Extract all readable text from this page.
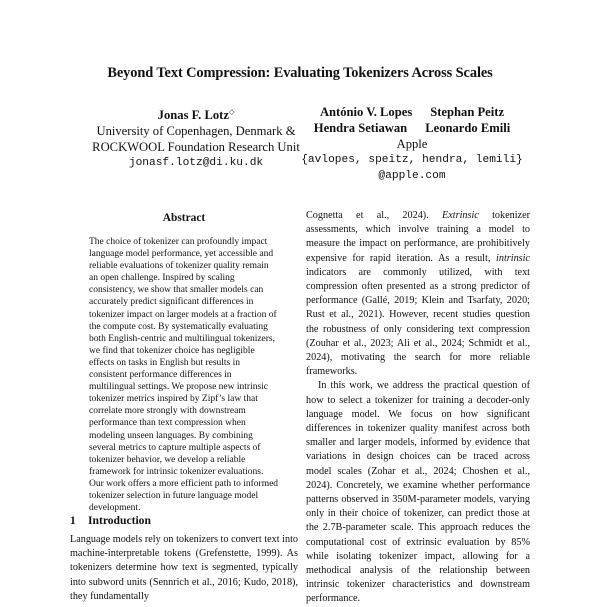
Beyond Text Compression: Evaluating Tokenizers Across Scales
Jonas F. Lotz◇
University of Copenhagen, Denmark &
ROCKWOOL Foundation Research Unit
jonasf.lotz@di.ku.dk
António V. Lopes Stephan Peitz
Hendra Setiawan Leonardo Emili
Apple
{avlopes, speitz, hendra, lemili}
@apple.com
Abstract
The choice of tokenizer can profoundly impact language model performance, yet accessible and reliable evaluations of tokenizer quality remain an open challenge. Inspired by scaling consistency, we show that smaller models can accurately predict significant differences in tokenizer impact on larger models at a fraction of the compute cost. By systematically evaluating both English-centric and multilingual tokenizers, we find that tokenizer choice has negligible effects on tasks in English but results in consistent performance differences in multilingual settings. We propose new intrinsic tokenizer metrics inspired by Zipf’s law that correlate more strongly with downstream performance than text compression when modeling unseen languages. By combining several metrics to capture multiple aspects of tokenizer behavior, we develop a reliable framework for intrinsic tokenizer evaluations. Our work offers a more efficient path to informed tokenizer selection in future language model development.
1 Introduction
Language models rely on tokenizers to convert text into machine-interpretable tokens (Grefenstette, 1999). As tokenizers determine how text is segmented, typically into subword units (Sennrich et al., 2016; Kudo, 2018), they fundamentally

Cognetta et al., 2024). Extrinsic tokenizer assessments, which involve training a model to measure the impact on performance, are prohibitively expensive for rapid iteration. As a result, intrinsic indicators are commonly utilized, with text compression often presented as a strong predictor of performance (Gallé, 2019; Klein and Tsarfaty, 2020; Rust et al., 2021). However, recent studies question the robustness of only considering text compression (Zouhar et al., 2023; Ali et al., 2024; Schmidt et al., 2024), motivating the search for more reliable frameworks.

In this work, we address the practical question of how to select a tokenizer for training a decoder-only language model. We focus on how significant differences in tokenizer quality manifest across both smaller and larger models, informed by evidence that variations in design choices can be traced across model scales (Zohar et al., 2024; Choshen et al., 2024). Concretely, we examine whether performance patterns observed in 350M-parameter models, varying only in their choice of tokenizer, can predict those at the 2.7B-parameter scale. This approach reduces the computational cost of extrinsic evaluation by 85% while isolating tokenizer impact, allowing for a methodical analysis of the relationship between intrinsic tokenizer characteristics and downstream performance.
